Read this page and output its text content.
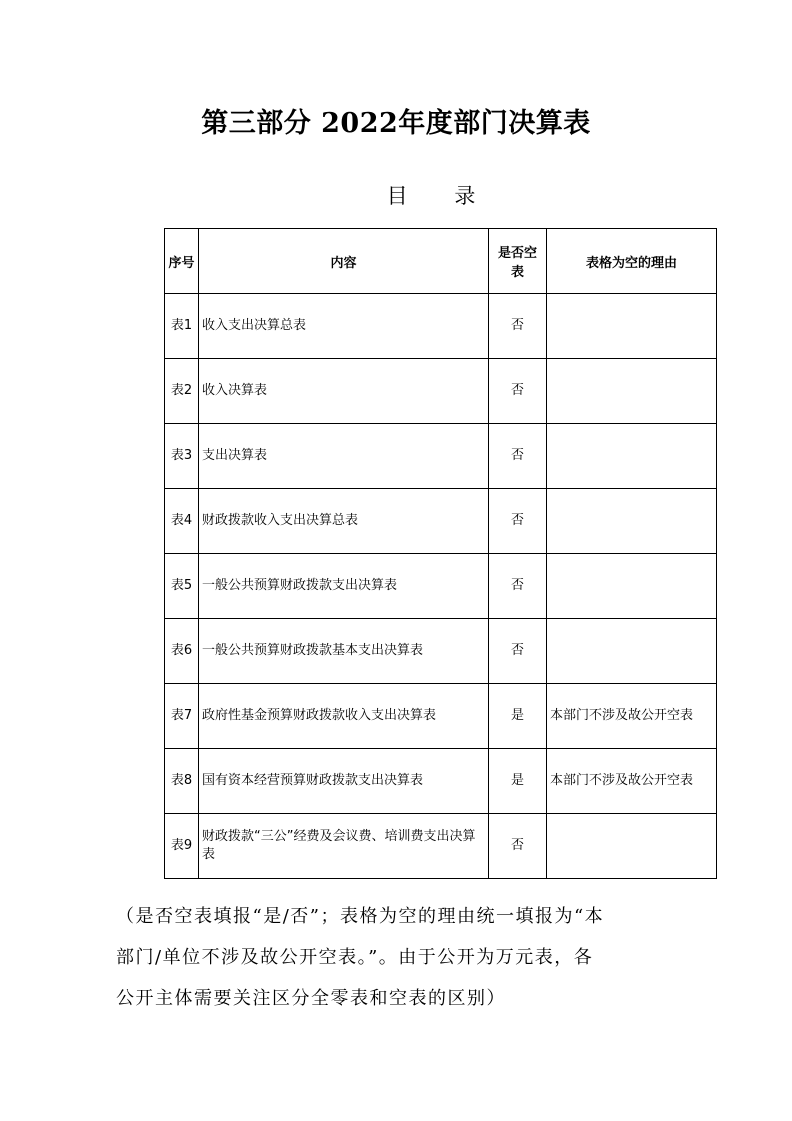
第三部分 2022年度部门决算表
目 录
序号	内容	是否空表	表格为空的理由
表1	收入支出决算总表	否	
表2	收入决算表	否	
表3	支出决算表	否	
表4	财政拨款收入支出决算总表	否	
表5	一般公共预算财政拨款支出决算表	否	
表6	一般公共预算财政拨款基本支出决算表	否	
表7	政府性基金预算财政拨款收入支出决算表	是	本部门不涉及故公开空表
表8	国有资本经营预算财政拨款支出决算表	是	本部门不涉及故公开空表
表9	财政拨款“三公”经费及会议费、培训费支出决算表	否	

（是否空表填报“是/否”；表格为空的理由统一填报为“本

部门/单位不涉及故公开空表。”。由于公开为万元表，各

公开主体需要关注区分全零表和空表的区别）
